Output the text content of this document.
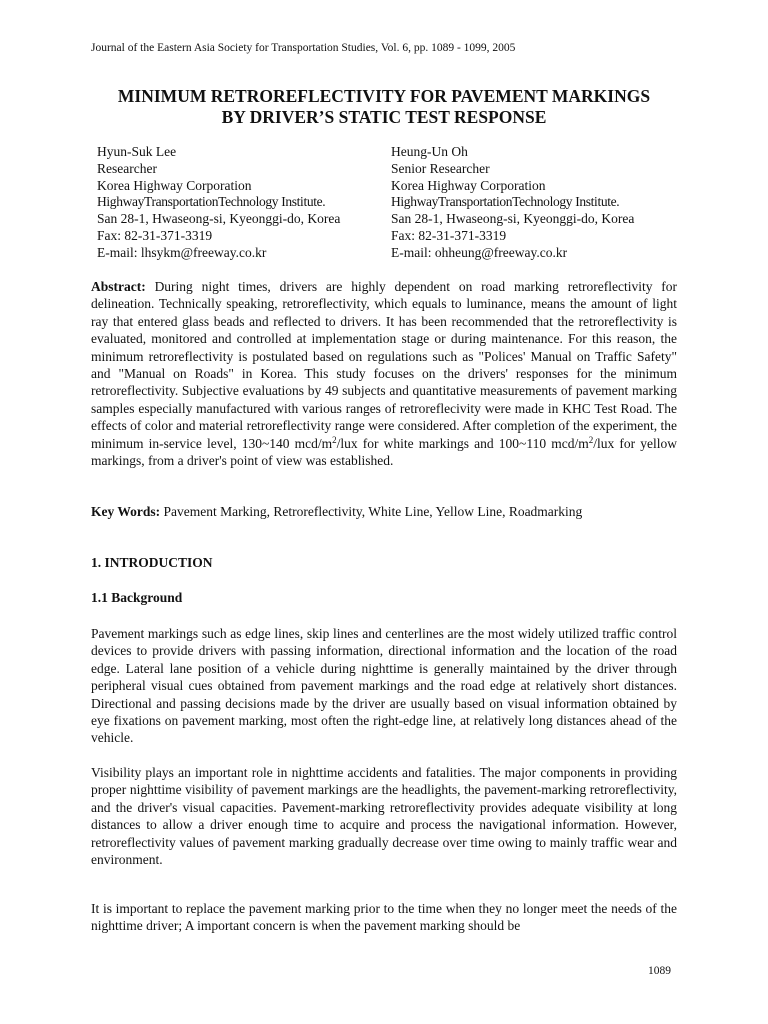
Journal of the Eastern Asia Society for Transportation Studies, Vol. 6, pp. 1089 - 1099, 2005
MINIMUM RETROREFLECTIVITY FOR PAVEMENT MARKINGS
BY DRIVER’S STATIC TEST RESPONSE
Hyun-Suk Lee
Researcher
Korea Highway Corporation
HighwayTransportationTechnology Institute.
San 28-1, Hwaseong-si, Kyeonggi-do, Korea
Fax: 82-31-371-3319
E-mail: lhsykm@freeway.co.kr
Heung-Un Oh
Senior Researcher
Korea Highway Corporation
HighwayTransportationTechnology Institute.
San 28-1, Hwaseong-si, Kyeonggi-do, Korea
Fax: 82-31-371-3319
E-mail: ohheung@freeway.co.kr
Abstract: During night times, drivers are highly dependent on road marking retroreflectivity for delineation. Technically speaking, retroreflectivity, which equals to luminance, means the amount of light ray that entered glass beads and reflected to drivers. It has been recommended that the retroreflectivity is evaluated, monitored and controlled at implementation stage or during maintenance. For this reason, the minimum retroreflectivity is postulated based on regulations such as "Polices' Manual on Traffic Safety" and "Manual on Roads" in Korea. This study focuses on the drivers' responses for the minimum retroreflectivity. Subjective evaluations by 49 subjects and quantitative measurements of pavement marking samples especially manufactured with various ranges of retroreflecivity were made in KHC Test Road. The effects of color and material retroreflectivity range were considered. After completion of the experiment, the minimum in-service level, 130~140 mcd/$m^2$/lux for white markings and 100~110 mcd/$m^2$/lux for yellow markings, from a driver's point of view was established.
Key Words: Pavement Marking, Retroreflectivity, White Line, Yellow Line, Roadmarking
1. INTRODUCTION
1.1 Background
Pavement markings such as edge lines, skip lines and centerlines are the most widely utilized traffic control devices to provide drivers with passing information, directional information and the location of the road edge. Lateral lane position of a vehicle during nighttime is generally maintained by the driver through peripheral visual cues obtained from pavement markings and the road edge at relatively short distances. Directional and passing decisions made by the driver are usually based on visual information obtained by eye fixations on pavement marking, most often the right-edge line, at relatively long distances ahead of the vehicle.
Visibility plays an important role in nighttime accidents and fatalities. The major components in providing proper nighttime visibility of pavement markings are the headlights, the pavement-marking retroreflectivity, and the driver's visual capacities. Pavement-marking retroreflectivity provides adequate visibility at long distances to allow a driver enough time to acquire and process the navigational information. However, retroreflectivity values of pavement marking gradually decrease over time owing to mainly traffic wear and environment.
It is important to replace the pavement marking prior to the time when they no longer meet the needs of the nighttime driver; A important concern is when the pavement marking should be
1089
